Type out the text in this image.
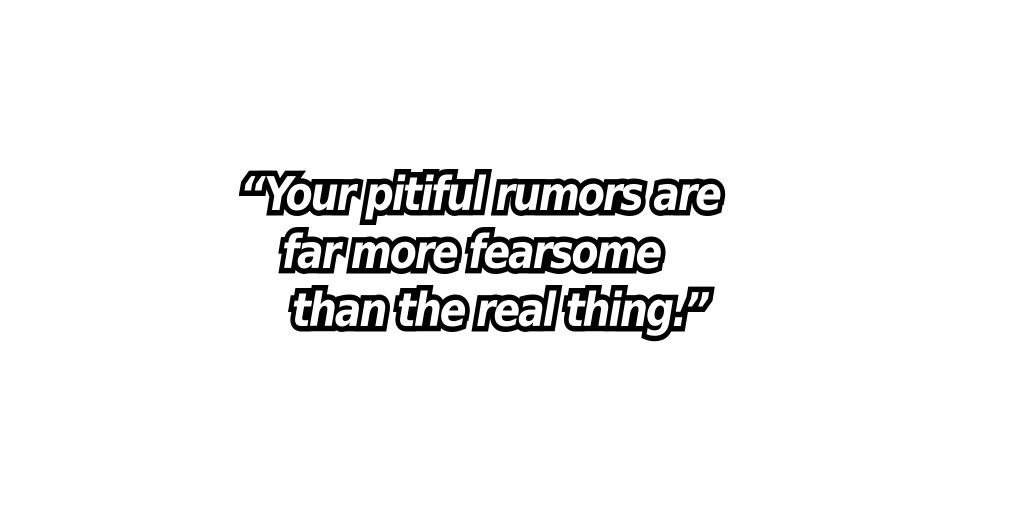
“Your pitiful rumors are

far more fearsome

than the real thing.”
